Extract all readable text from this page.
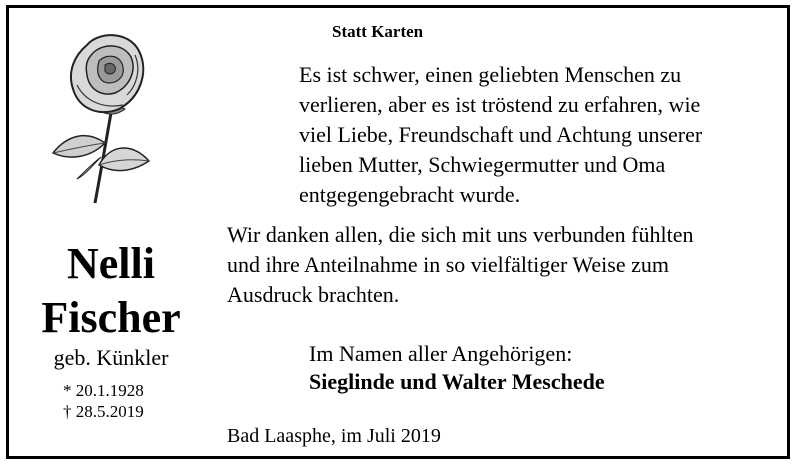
Statt Karten
Es ist schwer, einen geliebten Menschen zu
verlieren, aber es ist tröstend zu erfahren, wie
viel Liebe, Freundschaft und Achtung unserer
lieben Mutter, Schwiegermutter und Oma
entgegengebracht wurde.
Wir danken allen, die sich mit uns verbunden fühlten
und ihre Anteilnahme in so vielfältiger Weise zum
Ausdruck brachten.
Nelli
Fischer
geb. Künkler
* 20.1.1928
† 28.5.2019
Im Namen aller Angehörigen:
Sieglinde und Walter Meschede
Bad Laasphe, im Juli 2019
